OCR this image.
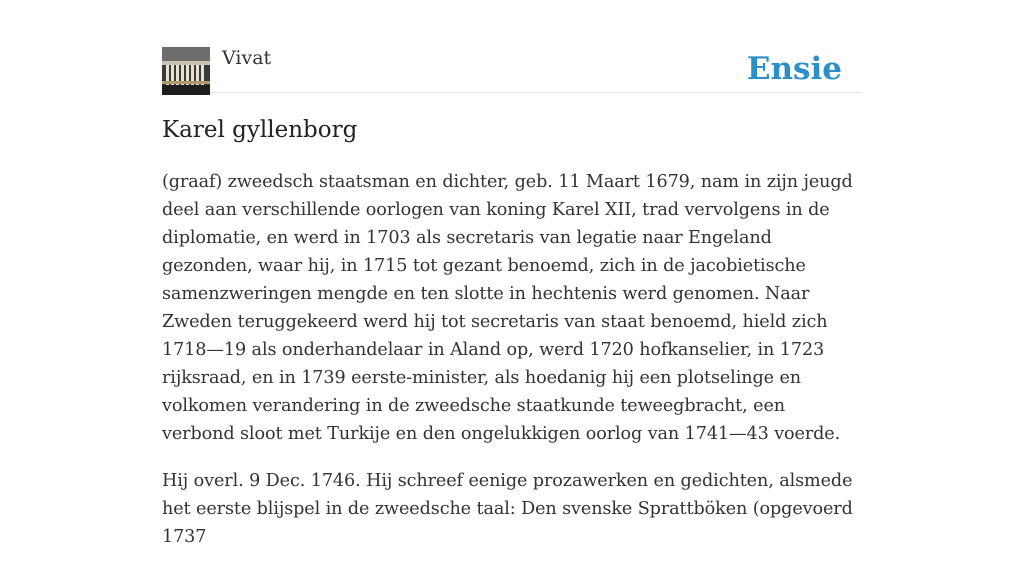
Vivat	Ensie
Karel gyllenborg

(graaf) zweedsch staatsman en dichter, geb. 11 Maart 1679, nam in zijn jeugd deel aan verschillende oorlogen van koning Karel XII, trad vervolgens in de diplomatie, en werd in 1703 als secretaris van legatie naar Engeland gezonden, waar hij, in 1715 tot gezant benoemd, zich in de jacobietische samenzweringen mengde en ten slotte in hechtenis werd genomen. Naar Zweden teruggekeerd werd hij tot secretaris van staat benoemd, hield zich 1718—19 als onderhandelaar in Aland op, werd 1720 hofkanselier, in 1723 rijksraad, en in 1739 eerste-minister, als hoedanig hij een plotselinge en volkomen verandering in de zweedsche staatkunde teweegbracht, een verbond sloot met Turkije en den ongelukkigen oorlog van 1741—43 voerde.

Hij overl. 9 Dec. 1746. Hij schreef eenige prozawerken en gedichten, alsmede het eerste blijspel in de zweedsche taal: Den svenske Sprattböken (opgevoerd 1737
